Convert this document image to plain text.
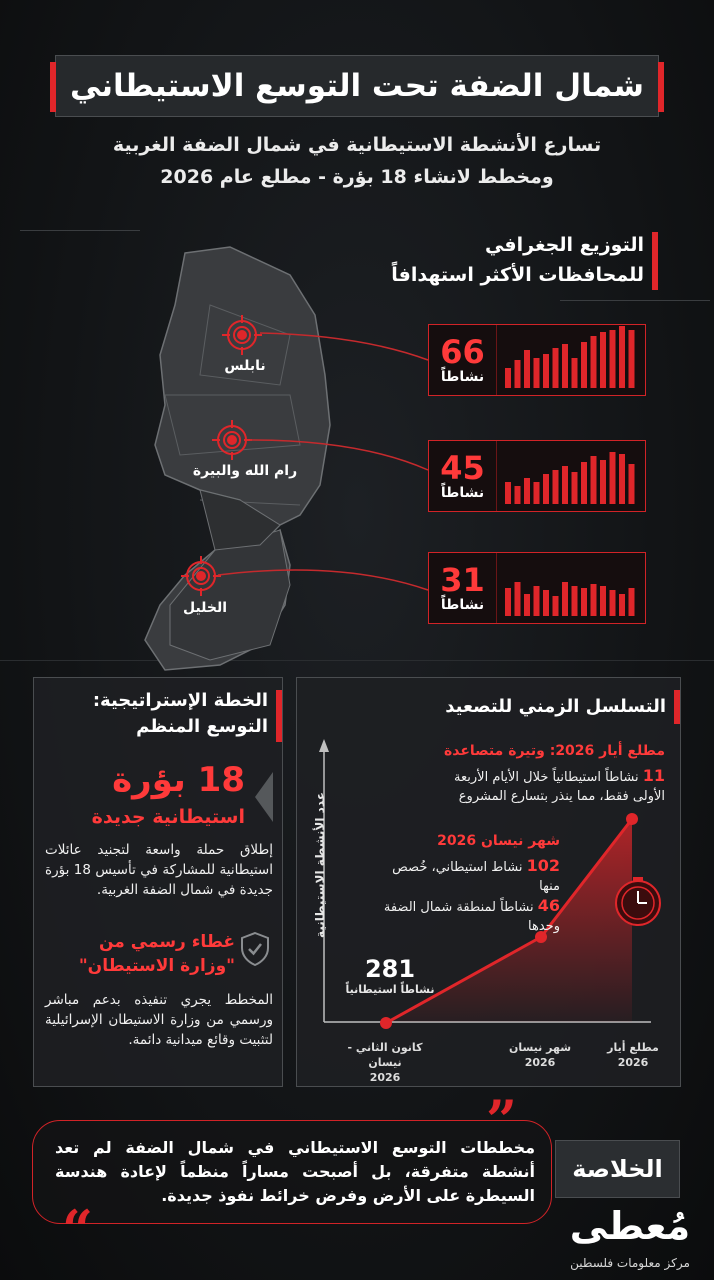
شمال الضفة تحت التوسع الاستيطاني
تسارع الأنشطة الاستيطانية في شمال الضفة الغربية
ومخطط لانشاء 18 بؤرة - مطلع عام 2026
التوزيع الجغرافي
للمحافظات الأكثر استهدافاً
نابلس
رام الله والبيرة
الخليل
66
نشاطاً
45
نشاطاً
31
نشاطاً
الخطة الإستراتيجية:
التوسع المنظم
18 بؤرة
استيطانية جديدة
إطلاق حملة واسعة لتجنيد عائلات استيطانية للمشاركة في تأسيس 18 بؤرة جديدة في شمال الضفة الغربية.
غطاء رسمي من
"وزارة الاستيطان"
المخطط يجري تنفيذه بدعم مباشر ورسمي من وزارة الاستيطان الإسرائيلية لتثبيت وقائع ميدانية دائمة.
التسلسل الزمني للتصعيد
عدد الأنشطة الاستيطانية
مطلع أيار 2026: وتيرة متصاعدة
11 نشاطاً استيطانياً خلال الأيام الأربعة
الأولى فقط، مما ينذر بتسارع المشروع
شهر نيسان 2026
102 نشاط استيطاني، خُصص منها
46 نشاطاً لمنطقة شمال الضفة
وحدها
281
نشاطاً استيطانياً
كانون الثاني - نيسان
2026
شهر نيسان
2026
مطلع أيار
2026
مخططات التوسع الاستيطاني في شمال الضفة لم تعد أنشطة متفرقة، بل أصبحت مساراً منظماً لإعادة هندسة السيطرة على الأرض وفرض خرائط نفوذ جديدة.
الخلاصة
”
“	مُعطى
مركز معلومات فلسطين
